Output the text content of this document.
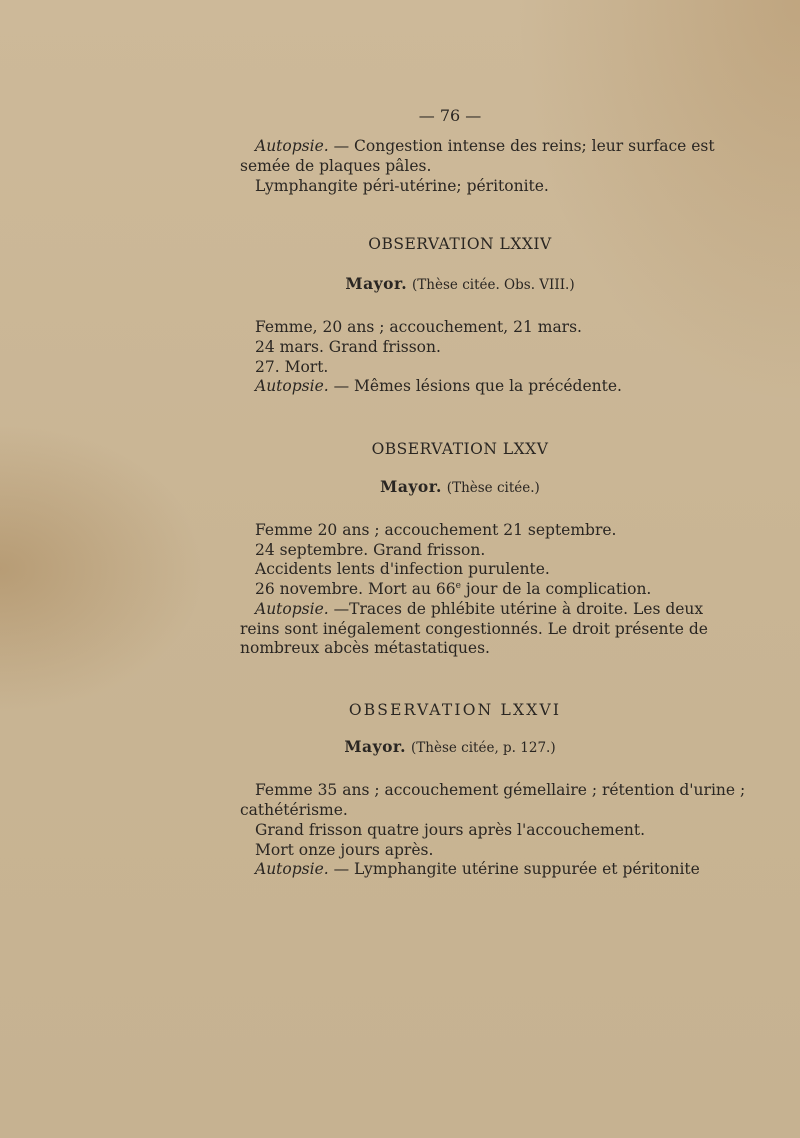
— 76 —
Autopsie. — Congestion intense des reins; leur surface est
semée de plaques pâles.
Lymphangite péri-utérine; péritonite.
OBSERVATION LXXIV
Mayor. (Thèse citée. Obs. VIII.)
Femme, 20 ans ; accouchement, 21 mars.
24 mars. Grand frisson.
27. Mort.
Autopsie. — Mêmes lésions que la précédente.
OBSERVATION LXXV
Mayor. (Thèse citée.)
Femme 20 ans ; accouchement 21 septembre.
24 septembre. Grand frisson.
Accidents lents d'infection purulente.
26 novembre. Mort au 66e jour de la complication.
Autopsie. —Traces de phlébite utérine à droite. Les deux
reins sont inégalement congestionnés. Le droit présente de
nombreux abcès métastatiques.
OBSERVATION LXXVI
Mayor. (Thèse citée, p. 127.)
Femme 35 ans ; accouchement gémellaire ; rétention d'urine ;
cathétérisme.
Grand frisson quatre jours après l'accouchement.
Mort onze jours après.
Autopsie. — Lymphangite utérine suppurée et péritonite
